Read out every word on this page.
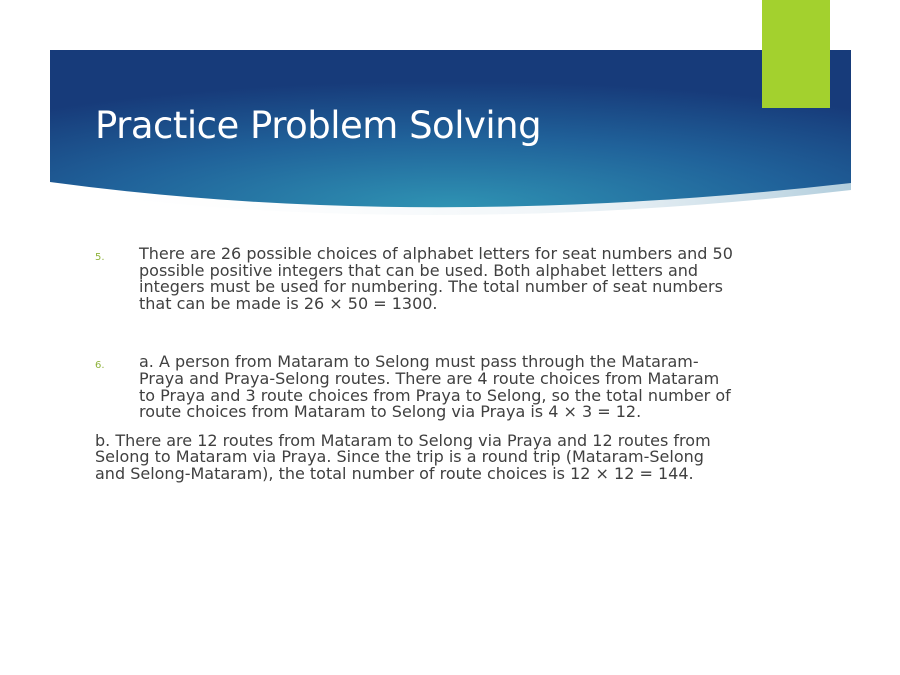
Practice Problem Solving
5. There are 26 possible choices of alphabet letters for seat numbers and 50 possible positive integers that can be used. Both alphabet letters and integers must be used for numbering. The total number of seat numbers that can be made is 26 × 50 = 1300.
6. a. A person from Mataram to Selong must pass through the Mataram-Praya and Praya-Selong routes. There are 4 route choices from Mataram to Praya and 3 route choices from Praya to Selong, so the total number of route choices from Mataram to Selong via Praya is 4 × 3 = 12.
b. There are 12 routes from Mataram to Selong via Praya and 12 routes from Selong to Mataram via Praya. Since the trip is a round trip (Mataram-Selong and Selong-Mataram), the total number of route choices is 12 × 12 = 144.
